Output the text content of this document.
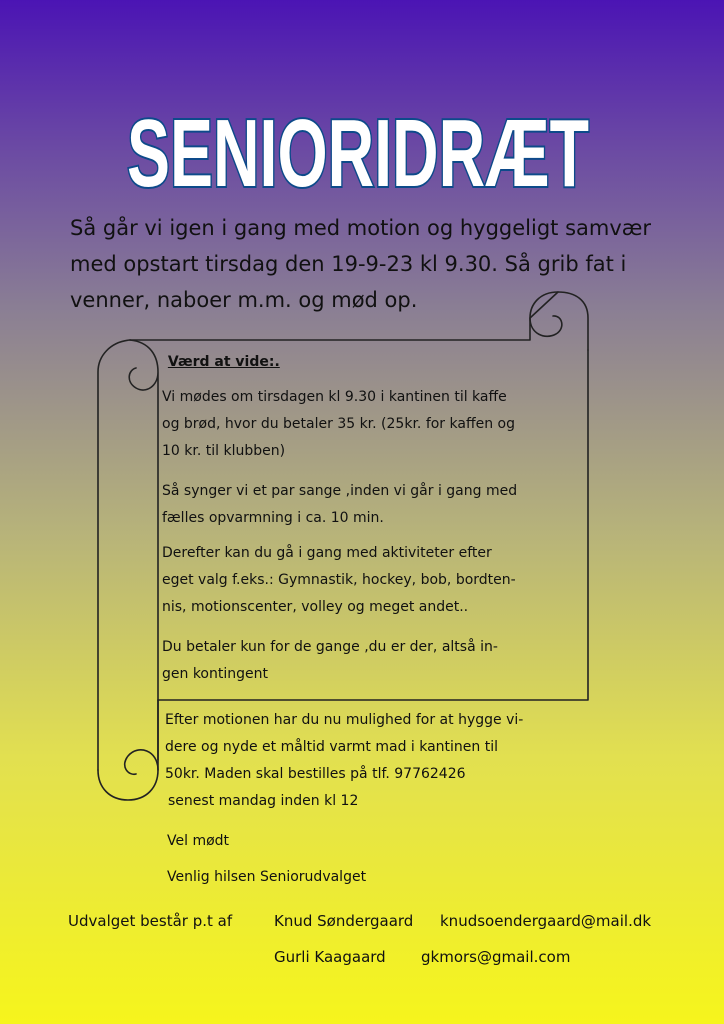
SENIORIDRÆT

Så går vi igen i gang med motion og hyggeligt samvær
med opstart tirsdag den 19-9-23 kl 9.30. Så grib fat i
venner, naboer m.m. og mød op.

Værd at vide:.

Vi mødes om tirsdagen kl 9.30 i kantinen til kaffe
og brød, hvor du betaler 35 kr. (25kr. for kaffen og
10 kr. til klubben)

Så synger vi et par sange ,inden vi går i gang med
fælles opvarmning i ca. 10 min.

Derefter kan du gå i gang med aktiviteter efter
eget valg f.eks.: Gymnastik, hockey, bob, bordten-
nis, motionscenter, volley og meget andet..

Du betaler kun for de gange ,du er der, altså in-
gen kontingent

Efter motionen har du nu mulighed for at hygge vi-
dere og nyde et måltid varmt mad i kantinen til
50kr. Maden skal bestilles på tlf. 97762426
senest mandag inden kl 12

Vel mødt

Venlig hilsen Seniorudvalget

Udvalget består p.t af	Knud Søndergaard knudsoendergaard@mail.dk

Gurli Kaagaard gkmors@gmail.com
